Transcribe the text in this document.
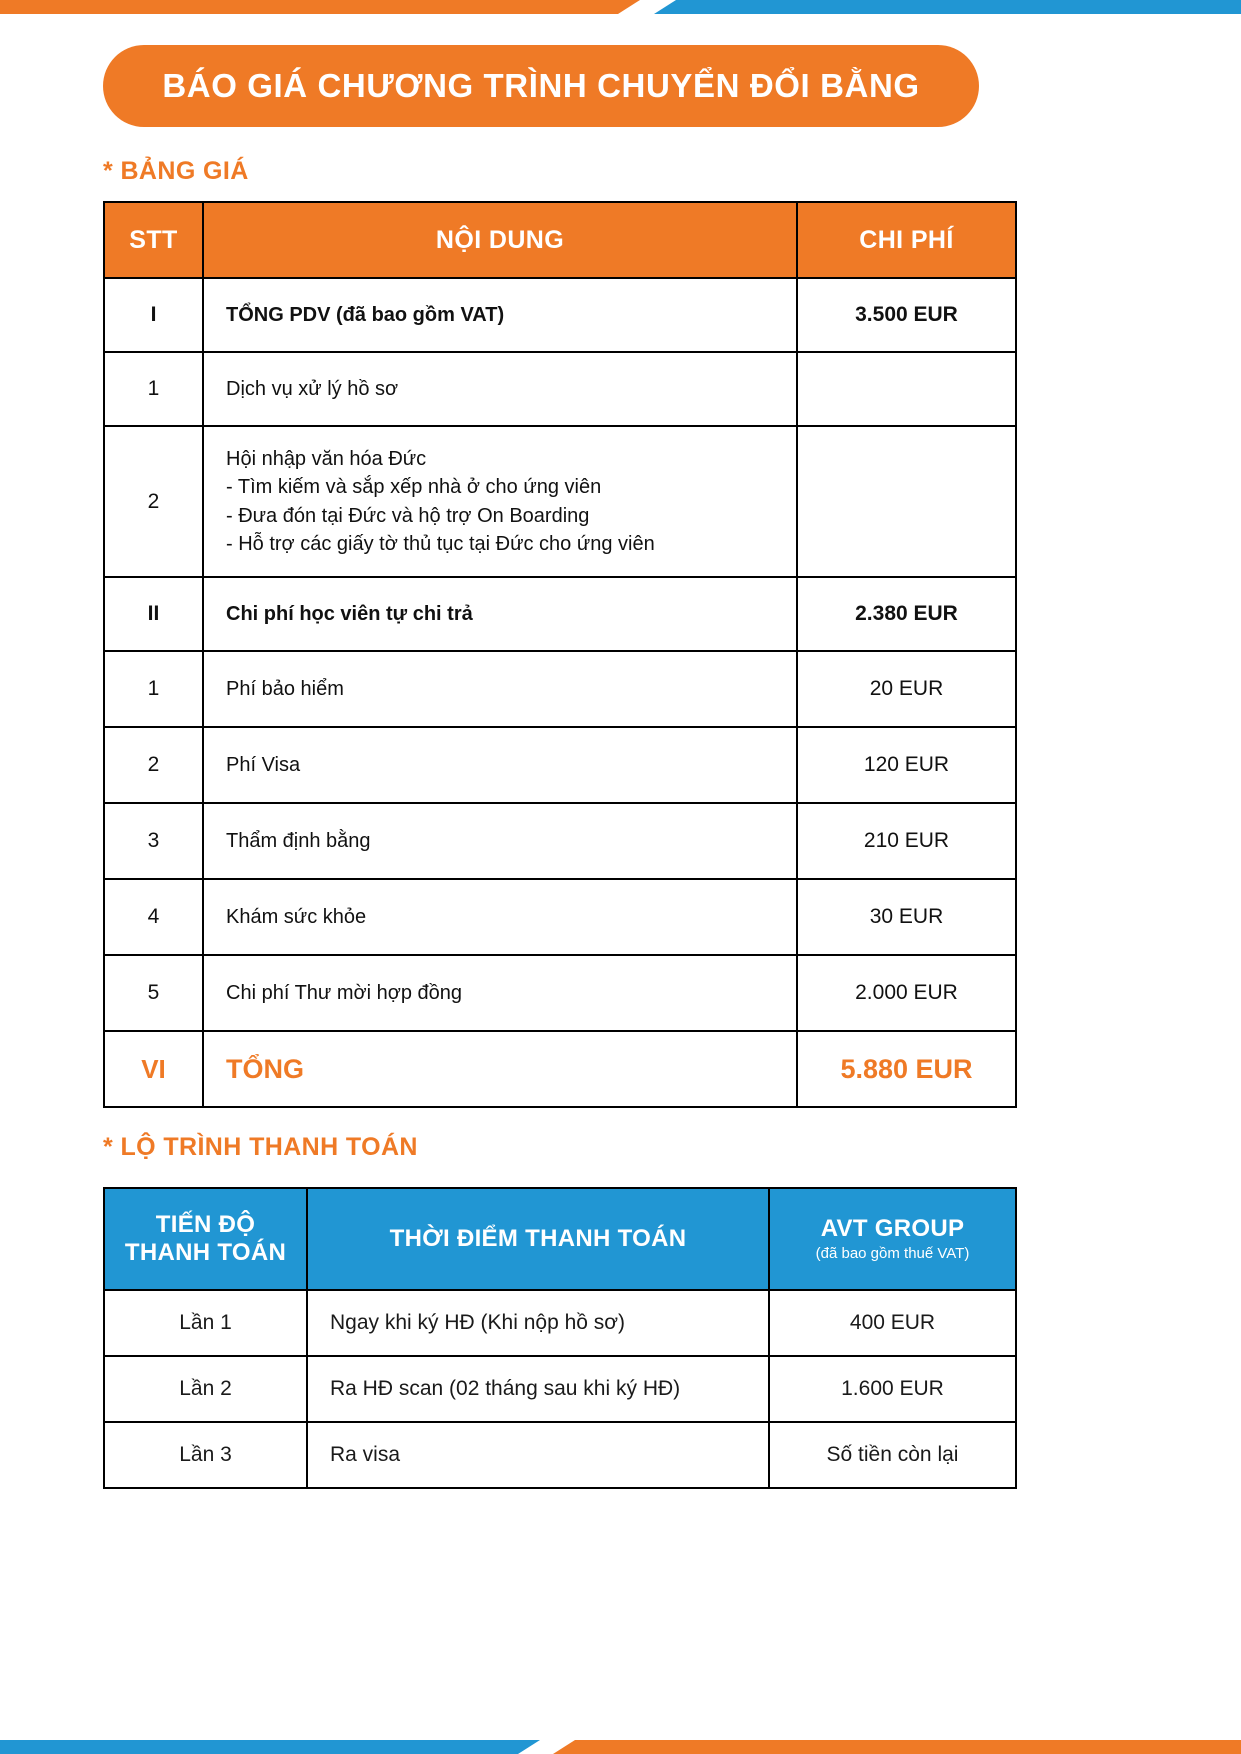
BÁO GIÁ CHƯƠNG TRÌNH CHUYỂN ĐỔI BẰNG
* BẢNG GIÁ
STT	NỘI DUNG	CHI PHÍ
I	TỔNG PDV (đã bao gồm VAT)	3.500 EUR
1	Dịch vụ xử lý hồ sơ	
2	Hội nhập văn hóa Đức
- Tìm kiếm và sắp xếp nhà ở cho ứng viên
- Đưa đón tại Đức và hộ trợ On Boarding
- Hỗ trợ các giấy tờ thủ tục tại Đức cho ứng viên	

II	Chi phí học viên tự chi trả	2.380 EUR
1	Phí bảo hiểm	20 EUR
2	Phí Visa	120 EUR
3	Thẩm định bằng	210 EUR
4	Khám sức khỏe	30 EUR
5	Chi phí Thư mời hợp đồng	2.000 EUR
VI	TỔNG	5.880 EUR
* LỘ TRÌNH THANH TOÁN
TIẾN ĐỘ
THANH TOÁN	THỜI ĐIỂM THANH TOÁN	AVT GROUP
(đã bao gồm thuế VAT)

Lần 1	Ngay khi ký HĐ (Khi nộp hồ sơ)	400 EUR
Lần 2	Ra HĐ scan (02 tháng sau khi ký HĐ)	1.600 EUR
Lần 3	Ra visa	Số tiền còn lại
